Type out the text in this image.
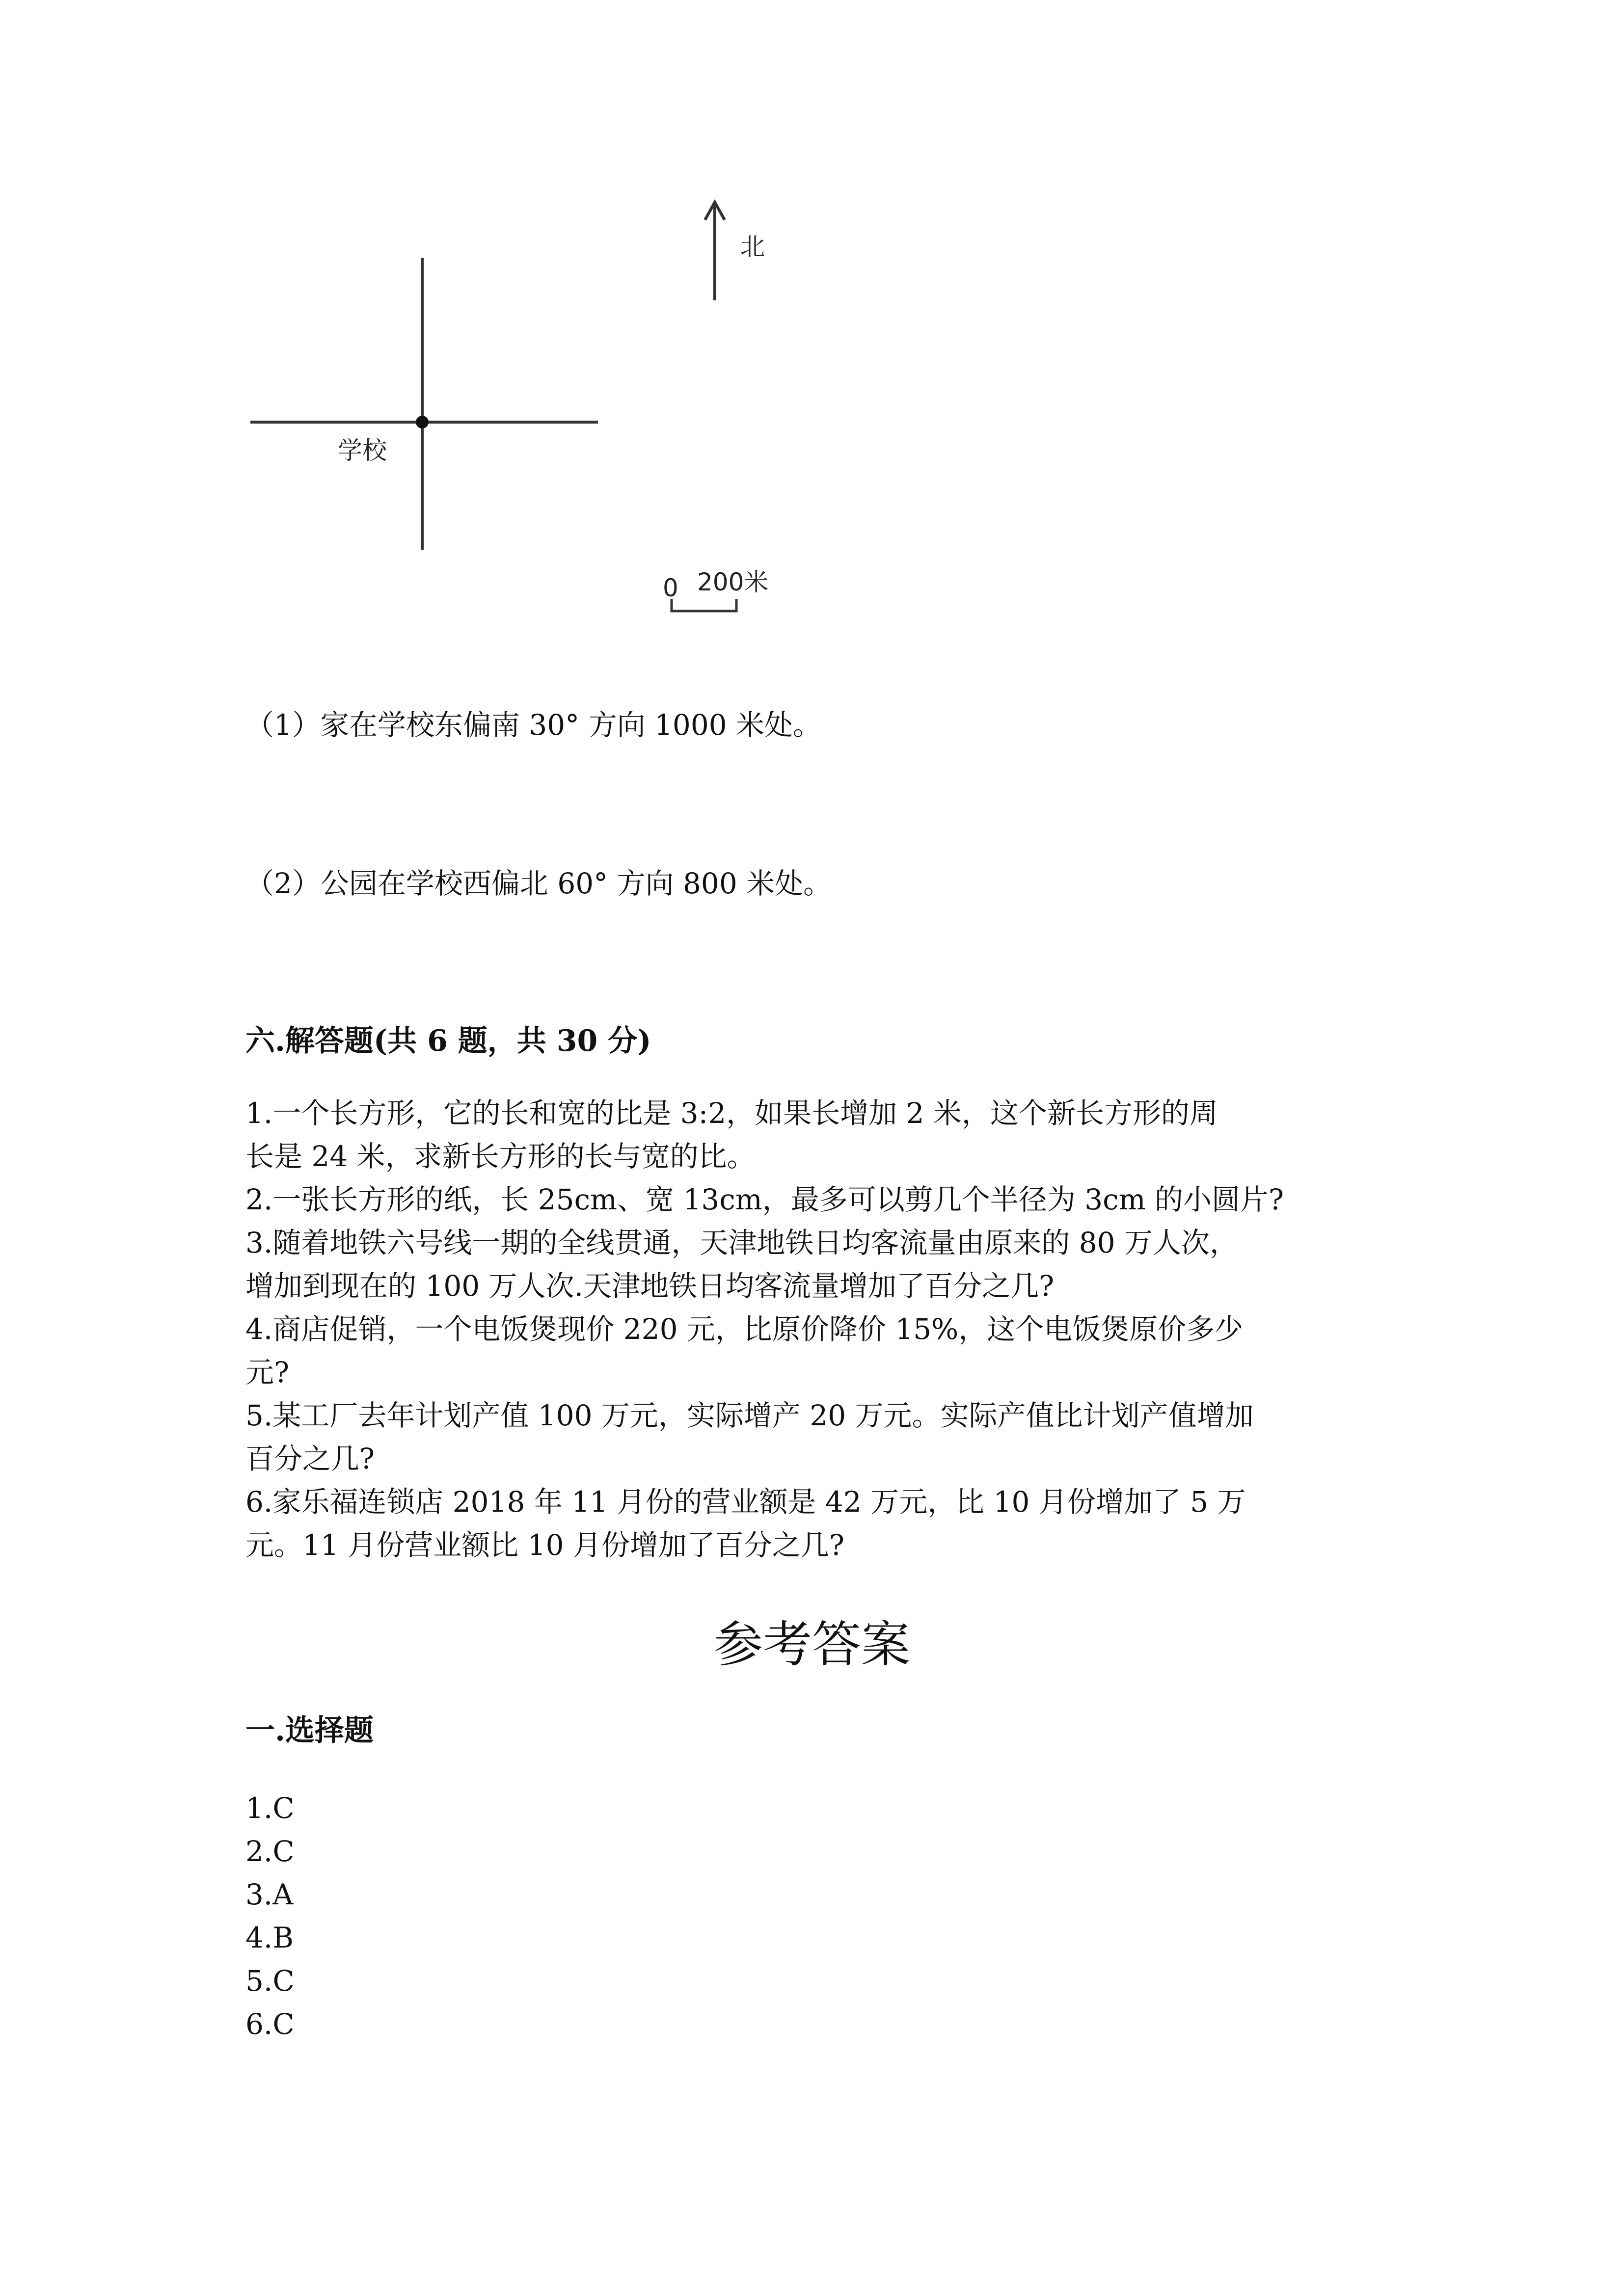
学校
北
0 200米
（1）家在学校东偏南 30° 方向 1000 米处。
（2）公园在学校西偏北 60° 方向 800 米处。
六.解答题(共 6 题，共 30 分)
1.一个长方形，它的长和宽的比是 3:2，如果长增加 2 米，这个新长方形的周
长是 24 米，求新长方形的长与宽的比。
2.一张长方形的纸，长 25cm、宽 13cm，最多可以剪几个半径为 3cm 的小圆片?
3.随着地铁六号线一期的全线贯通，天津地铁日均客流量由原来的 80 万人次，
增加到现在的 100 万人次.天津地铁日均客流量增加了百分之几?
4.商店促销，一个电饭煲现价 220 元，比原价降价 15%，这个电饭煲原价多少
元?
5.某工厂去年计划产值 100 万元，实际增产 20 万元。实际产值比计划产值增加
百分之几?
6.家乐福连锁店 2018 年 11 月份的营业额是 42 万元，比 10 月份增加了 5 万
元。11 月份营业额比 10 月份增加了百分之几?
参考答案
一.选择题
1.C
2.C
3.A
4.B
5.C
6.C
